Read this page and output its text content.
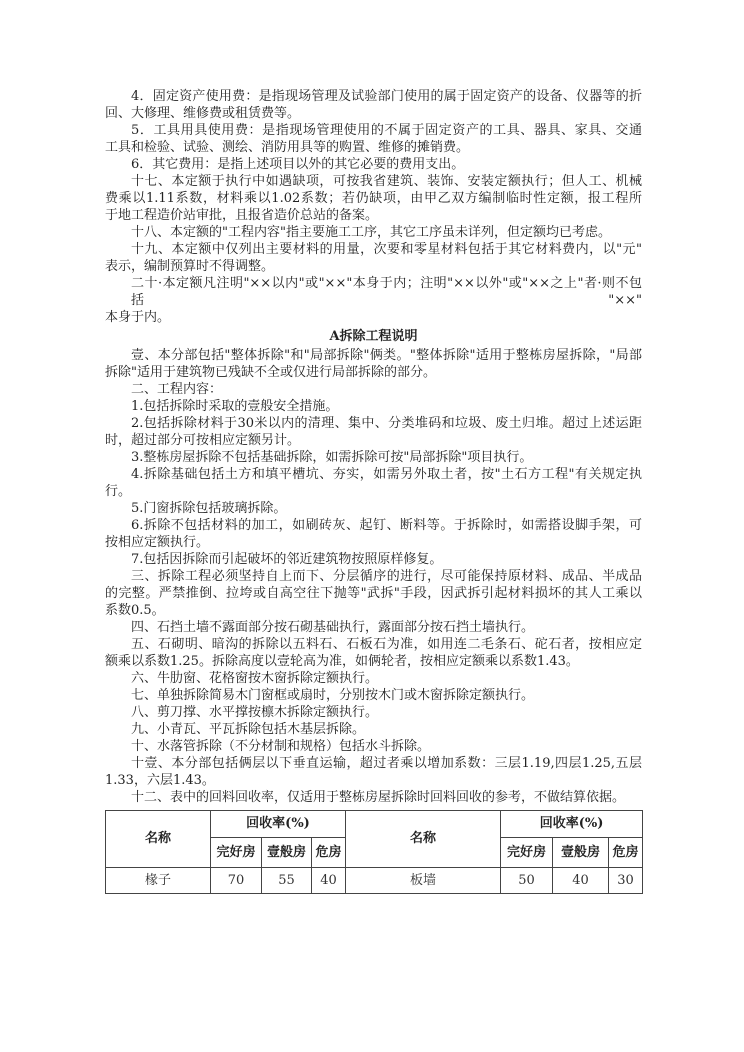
4．固定资产使用费：是指现场管理及试验部门使用的属于固定资产的设备、仪器等的折
回、大修理、维修费或租赁费等。
5．工具用具使用费：是指现场管理使用的不属于固定资产的工具、器具、家具、交通
工具和检验、试验、测绘、消防用具等的购置、维修的摊销费。
6．其它费用：是指上述项目以外的其它必要的费用支出。
十七、本定额于执行中如遇缺项，可按我省建筑、装饰、安装定额执行；但人工、机械
费乘以1.11系数，材料乘以1.02系数；若仍缺项，由甲乙双方编制临时性定额，报工程所
于地工程造价站审批，且报省造价总站的备案。
十八、本定额的"工程内容"指主要施工工序，其它工序虽未详列，但定额均已考虑。
十九、本定额中仅列出主要材料的用量，次要和零星材料包括于其它材料费内，以"元"
表示，编制预算时不得调整。
二十·本定额凡注明"××以内"或"××"本身于内；注明"××以外"或"××之上"者·则不包括"××"
本身于内。
A拆除工程说明
壹、本分部包括"整体拆除"和"局部拆除"俩类。"整体拆除"适用于整栋房屋拆除，"局部
拆除"适用于建筑物已残缺不全或仅进行局部拆除的部分。
二、工程内容：
1.包括拆除时采取的壹般安全措施。
2.包括拆除材料于30米以内的清理、集中、分类堆码和垃圾、废土归堆。超过上述运距
时，超过部分可按相应定额另计。
3.整栋房屋拆除不包括基础拆除，如需拆除可按"局部拆除"项目执行。
4.拆除基础包括土方和填平槽坑、夯实，如需另外取土者，按"土石方工程"有关规定执
行。
5.门窗拆除包括玻璃拆除。
6.拆除不包括材料的加工，如刷砖灰、起钉、断料等。于拆除时，如需搭设脚手架，可
按相应定额执行。
7.包括因拆除而引起破坏的邻近建筑物按照原样修复。
三、拆除工程必须坚持自上而下、分层循序的进行，尽可能保持原材料、成品、半成品
的完整。严禁推倒、拉垮或自高空往下抛等"武拆"手段，因武拆引起材料损坏的其人工乘以
系数0.5。
四、石挡土墙不露面部分按石砌基础执行，露面部分按石挡土墙执行。
五、石砌明、暗沟的拆除以五料石、石板石为准，如用连二毛条石、砣石者，按相应定
额乘以系数1.25。拆除高度以壹轮高为准，如俩轮者，按相应定额乘以系数1.43。
六、牛肋窗、花格窗按木窗拆除定额执行。
七、单独拆除简易木门窗框或扇时，分别按木门或木窗拆除定额执行。
八、剪刀撑、水平撑按檩木拆除定额执行。
九、小青瓦、平瓦拆除包括木基层拆除。
十、水落管拆除（不分材制和规格）包括水斗拆除。
十壹、本分部包括俩层以下垂直运输，超过者乘以增加系数：三层1.19,四层1.25,五层
1.33，六层1.43。
十二、表中的回料回收率，仅适用于整栋房屋拆除时回料回收的参考，不做结算依据。
名称	回收率(%)			名称	回收率(%)		
	完好房	壹般房	危房		完好房	壹般房	危房
椽子	70	55	40	板墙	50	40	30
